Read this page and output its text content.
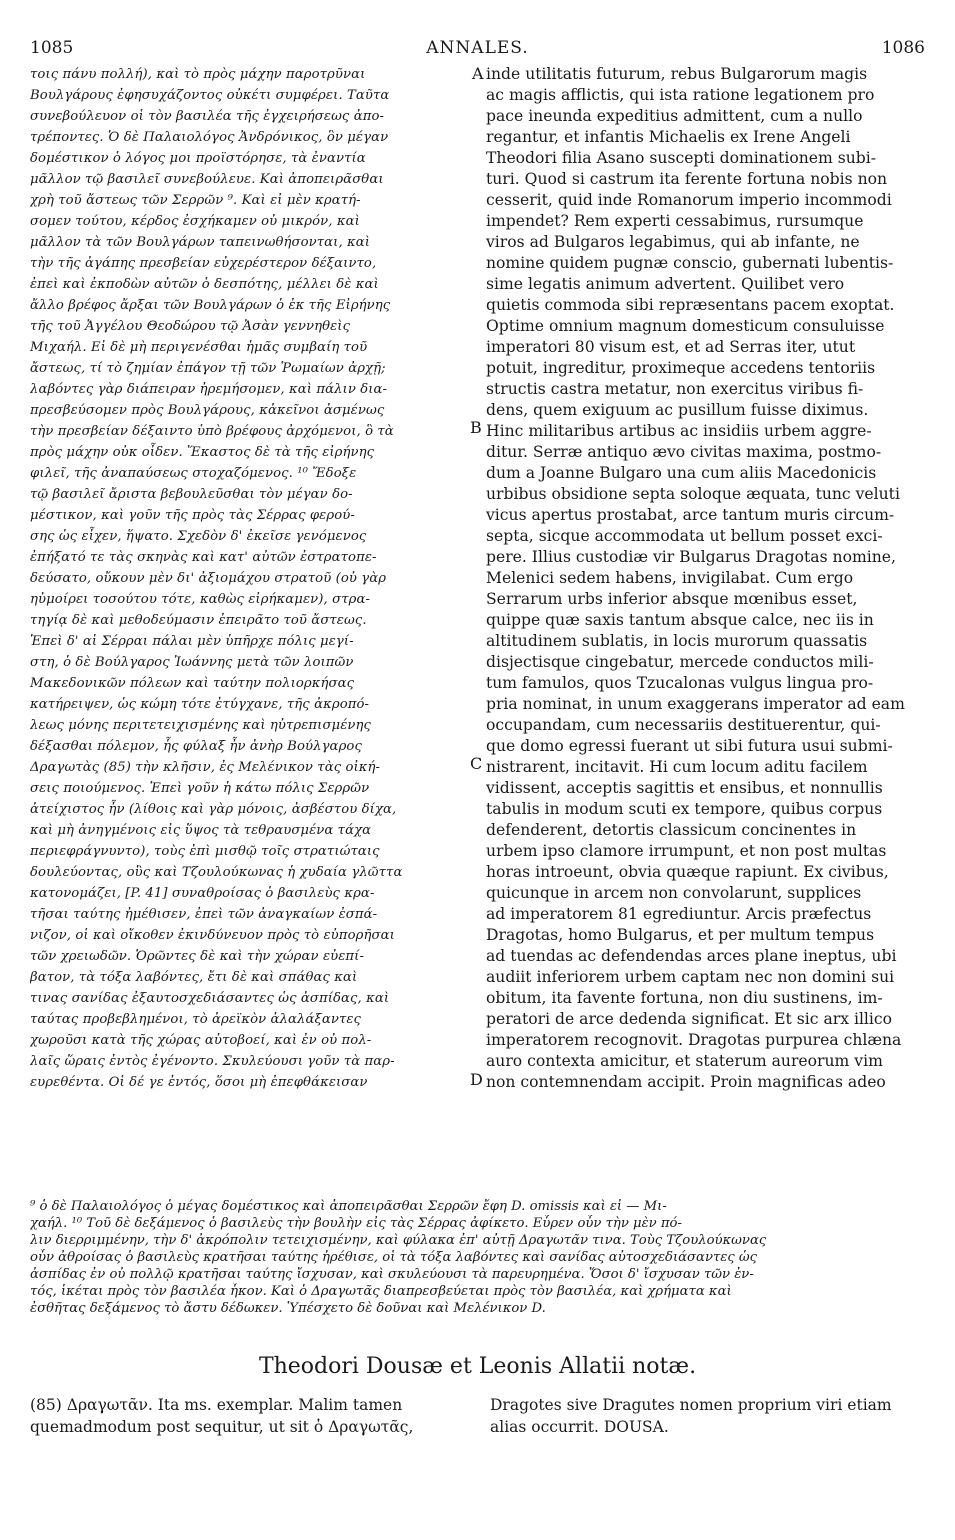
1085	ANNALES.	1086
τοις πάνυ πολλή), καὶ τὸ πρὸς μάχην παροτρῦναι
Βουλγάρους ἐφησυχάζοντος οὐκέτι συμφέρει. Ταῦτα
συνεβούλευον οἱ τὸν βασιλέα τῆς ἐγχειρήσεως ἀπο-
τρέποντες. Ὁ δὲ Παλαιολόγος Ἀνδρόνικος, ὃν μέγαν
δομέστικον ὁ λόγος μοι προϊστόρησε, τὰ ἐναντία
μᾶλλον τῷ βασιλεῖ συνεβούλευε. Καὶ ἀποπειρᾶσθαι
χρὴ τοῦ ἄστεως τῶν Σερρῶν ⁹. Καὶ εἰ μὲν κρατή-
σομεν τούτου, κέρδος ἐσχήκαμεν οὐ μικρόν, καὶ
μᾶλλον τὰ τῶν Βουλγάρων ταπεινωθήσονται, καὶ
τὴν τῆς ἀγάπης πρεσβείαν εὐχερέστερον δέξαιντο,
ἐπεὶ καὶ ἐκποδὼν αὐτῶν ὁ δεσπότης, μέλλει δὲ καὶ
ἄλλο βρέφος ἄρξαι τῶν Βουλγάρων ὁ ἐκ τῆς Εἰρήνης
τῆς τοῦ Ἀγγέλου Θεοδώρου τῷ Ἀσὰν γεννηθεὶς
Μιχαήλ. Εἰ δὲ μὴ περιγενέσθαι ἡμᾶς συμβαίη τοῦ
ἄστεως, τί τὸ ζημίαν ἐπάγον τῇ τῶν Ῥωμαίων ἀρχῇ;
λαβόντες γὰρ διάπειραν ἠρεμήσομεν, καὶ πάλιν δια-
πρεσβεύσομεν πρὸς Βουλγάρους, κἀκεῖνοι ἀσμένως
τὴν πρεσβείαν δέξαιντο ὑπὸ βρέφους ἀρχόμενοι, ὃ τὰ
πρὸς μάχην οὐκ οἶδεν. Ἕκαστος δὲ τὰ τῆς εἰρήνης
φιλεῖ, τῆς ἀναπαύσεως στοχαζόμενος. ¹⁰ Ἔδοξε
τῷ βασιλεῖ ἄριστα βεβουλεῦσθαι τὸν μέγαν δο-
μέστικον, καὶ γοῦν τῆς πρὸς τὰς Σέρρας φερού-
σης ὡς εἶχεν, ἥψατο. Σχεδὸν δ' ἐκεῖσε γενόμενος
ἐπήξατό τε τὰς σκηνὰς καὶ κατ' αὐτῶν ἐστρατοπε-
δεύσατο, οὔκουν μὲν δι' ἀξιομάχου στρατοῦ (οὐ γὰρ
ηὐμοίρει τοσούτου τότε, καθὼς εἰρήκαμεν), στρα-
τηγίᾳ δὲ καὶ μεθοδεύμασιν ἐπειρᾶτο τοῦ ἄστεως.
Ἐπεὶ δ' αἱ Σέρραι πάλαι μὲν ὑπῆρχε πόλις μεγί-
στη, ὁ δὲ Βούλγαρος Ἰωάννης μετὰ τῶν λοιπῶν
Μακεδονικῶν πόλεων καὶ ταύτην πολιορκήσας
κατήρειψεν, ὡς κώμη τότε ἐτύγχανε, τῆς ἀκροπό-
λεως μόνης περιτετειχισμένης καὶ ηὐτρεπισμένης
δέξασθαι πόλεμον, ἧς φύλαξ ἦν ἀνὴρ Βούλγαρος
Δραγωτὰς (85) τὴν κλῆσιν, ἐς Μελένικον τὰς οἰκή-
σεις ποιούμενος. Ἐπεὶ γοῦν ἡ κάτω πόλις Σερρῶν
ἀτείχιστος ἦν (λίθοις καὶ γὰρ μόνοις, ἀσβέστου δίχα,
καὶ μὴ ἀνηγμένοις εἰς ὕψος τὰ τεθραυσμένα τάχα
περιεφράγνυντο), τοὺς ἐπὶ μισθῷ τοῖς στρατιώταις
δουλεύοντας, οὓς καὶ Τζουλούκωνας ἡ χυδαία γλῶττα
κατονομάζει, [P. 41] συναθροίσας ὁ βασιλεὺς κρα-
τῆσαι ταύτης ἠμέθισεν, ἐπεὶ τῶν ἀναγκαίων ἐσπά-
νιζον, οἱ καὶ οἴκοθεν ἐκινδύνευον πρὸς τὸ εὐπορῆσαι
τῶν χρειωδῶν. Ὁρῶντες δὲ καὶ τὴν χώραν εὐεπί-
βατον, τὰ τόξα λαβόντες, ἔτι δὲ καὶ σπάθας καὶ
τινας σανίδας ἐξαυτοσχεδιάσαντες ὡς ἀσπίδας, καὶ
ταύτας προβεβλημένοι, τὸ ἀρεϊκὸν ἀλαλάξαντες
χωροῦσι κατὰ τῆς χώρας αὐτοβοεί, καὶ ἐν οὐ πολ-
λαῖς ὥραις ἐντὸς ἐγένοντο. Σκυλεύουσι γοῦν τὰ παρ-
ευρεθέντα. Οἱ δέ γε ἐντός, ὅσοι μὴ ἐπεφθάκεισαν
inde utilitatis futurum, rebus Bulgarorum magis
ac magis afflictis, qui ista ratione legationem pro
pace ineunda expeditius admittent, cum a nullo
regantur, et infantis Michaelis ex Irene Angeli
Theodori filia Asano suscepti dominationem subi-
turi. Quod si castrum ita ferente fortuna nobis non
cesserit, quid inde Romanorum imperio incommodi
impendet? Rem experti cessabimus, rursumque
viros ad Bulgaros legabimus, qui ab infante, ne
nomine quidem pugnæ conscio, gubernati lubentis-
sime legatis animum advertent. Quilibet vero
quietis commoda sibi repræsentans pacem exoptat.
Optime omnium magnum domesticum consuluisse
imperatori 80 visum est, et ad Serras iter, utut
potuit, ingreditur, proximeque accedens tentoriis
structis castra metatur, non exercitus viribus fi-
dens, quem exiguum ac pusillum fuisse diximus.
Hinc militaribus artibus ac insidiis urbem aggre-
ditur. Serræ antiquo ævo civitas maxima, postmo-
dum a Joanne Bulgaro una cum aliis Macedonicis
urbibus obsidione septa soloque æquata, tunc veluti
vicus apertus prostabat, arce tantum muris circum-
septa, sicque accommodata ut bellum posset exci-
pere. Illius custodiæ vir Bulgarus Dragotas nomine,
Melenici sedem habens, invigilabat. Cum ergo
Serrarum urbs inferior absque mœnibus esset,
quippe quæ saxis tantum absque calce, nec iis in
altitudinem sublatis, in locis murorum quassatis
disjectisque cingebatur, mercede conductos mili-
tum famulos, quos Tzucalonas vulgus lingua pro-
pria nominat, in unum exaggerans imperator ad eam
occupandam, cum necessariis destituerentur, qui-
que domo egressi fuerant ut sibi futura usui submi-
nistrarent, incitavit. Hi cum locum aditu facilem
vidissent, acceptis sagittis et ensibus, et nonnullis
tabulis in modum scuti ex tempore, quibus corpus
defenderent, detortis classicum concinentes in
urbem ipso clamore irrumpunt, et non post multas
horas introeunt, obvia quæque rapiunt. Ex civibus,
quicunque in arcem non convolarunt, supplices
ad imperatorem 81 egrediuntur. Arcis præfectus
Dragotas, homo Bulgarus, et per multum tempus
ad tuendas ac defendendas arces plane ineptus, ubi
audiit inferiorem urbem captam nec non domini sui
obitum, ita favente fortuna, non diu sustinens, im-
peratori de arce dedenda significat. Et sic arx illico
imperatorem recognovit. Dragotas purpurea chlæna
auro contexta amicitur, et staterum aureorum vim
non contemnendam accipit. Proin magnificas adeo
A
B
C
D
⁹ ὁ δὲ Παλαιολόγος ὁ μέγας δομέστικος καὶ ἀποπειρᾶσθαι Σερρῶν ἔφη D. omissis καὶ εἰ — Μι-
χαήλ. ¹⁰ Τοῦ δὲ δεξάμενος ὁ βασιλεὺς τὴν βουλὴν εἰς τὰς Σέρρας ἀφίκετο. Εὗρεν οὖν τὴν μὲν πό-
λιν διερριμμένην, τὴν δ' ἀκρόπολιν τετειχισμένην, καὶ φύλακα ἐπ' αὐτῇ Δραγωτᾶν τινα. Τοὺς Τζουλούκωνας
οὖν ἀθροίσας ὁ βασιλεὺς κρατῆσαι ταύτης ἠρέθισε, οἱ τὰ τόξα λαβόντες καὶ σανίδας αὐτοσχεδιάσαντες ὡς
ἀσπίδας ἐν οὐ πολλῷ κρατῆσαι ταύτης ἴσχυσαν, καὶ σκυλεύουσι τὰ παρευρημένα. Ὅσοι δ' ἴσχυσαν τῶν ἐν-
τός, ἱκέται πρὸς τὸν βασιλέα ἧκον. Καὶ ὁ Δραγωτᾶς διαπρεσβεύεται πρὸς τὸν βασιλέα, καὶ χρήματα καὶ
ἐσθῆτας δεξάμενος τὸ ἄστυ δέδωκεν. Ὑπέσχετο δὲ δοῦναι καὶ Μελένικον D.
Theodori Dousæ et Leonis Allatii notæ.
(85) Δραγωτᾶν. Ita ms. exemplar. Malim tamen
quemadmodum post sequitur, ut sit ὁ Δραγωτᾶς,
Dragotes sive Dragutes nomen proprium viri etiam
alias occurrit. DOUSA.
